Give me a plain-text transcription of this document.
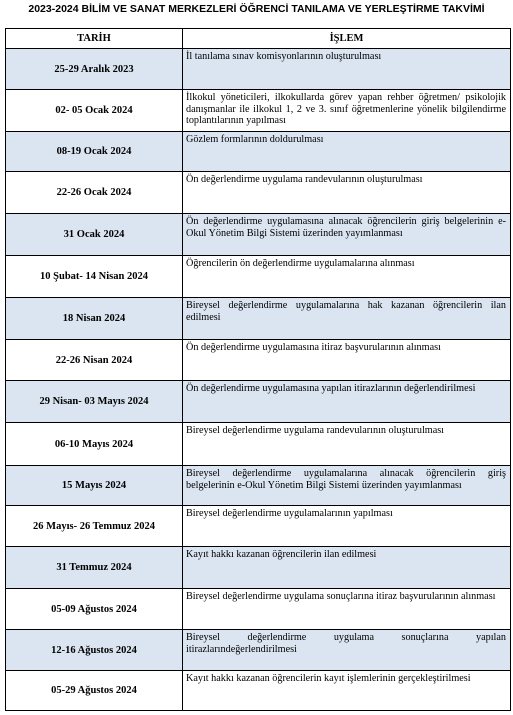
2023-2024 BİLİM VE SANAT MERKEZLERİ ÖĞRENCİ TANILAMA VE YERLEŞTİRME TAKVİMİ
TARİH	İŞLEM
25-29 Aralık 2023	İl tanılama sınav komisyonlarının oluşturulması
02- 05 Ocak 2024	İlkokul yöneticileri, ilkokullarda görev yapan rehber öğretmen/ psikolojik danışmanlar ile ilkokul 1, 2 ve 3. sınıf öğretmenlerine yönelik bilgilendirme toplantılarının yapılması
08-19 Ocak 2024	Gözlem formlarının doldurulması
22-26 Ocak 2024	Ön değerlendirme uygulama randevularının oluşturulması
31 Ocak 2024	Ön değerlendirme uygulamasına alınacak öğrencilerin giriş belgelerinin e-Okul Yönetim Bilgi Sistemi üzerinden yayımlanması
10 Şubat- 14 Nisan 2024	Öğrencilerin ön değerlendirme uygulamalarına alınması
18 Nisan 2024	Bireysel değerlendirme uygulamalarına hak kazanan öğrencilerin ilan edilmesi
22-26 Nisan 2024	Ön değerlendirme uygulamasına itiraz başvurularının alınması
29 Nisan- 03 Mayıs 2024	Ön değerlendirme uygulamasına yapılan itirazlarının değerlendirilmesi
06-10 Mayıs 2024	Bireysel değerlendirme uygulama randevularının oluşturulması
15 Mayıs 2024	Bireysel değerlendirme uygulamalarına alınacak öğrencilerin giriş belgelerinin e-Okul Yönetim Bilgi Sistemi üzerinden yayımlanması
26 Mayıs- 26 Temmuz 2024	Bireysel değerlendirme uygulamalarının yapılması
31 Temmuz 2024	Kayıt hakkı kazanan öğrencilerin ilan edilmesi
05-09 Ağustos 2024	Bireysel değerlendirme uygulama sonuçlarına itiraz başvurularının alınması
12-16 Ağustos 2024	Bireysel değerlendirme uygulama sonuçlarına yapılan itirazlarındeğerlendirilmesi
05-29 Ağustos 2024	Kayıt hakkı kazanan öğrencilerin kayıt işlemlerinin gerçekleştirilmesi
